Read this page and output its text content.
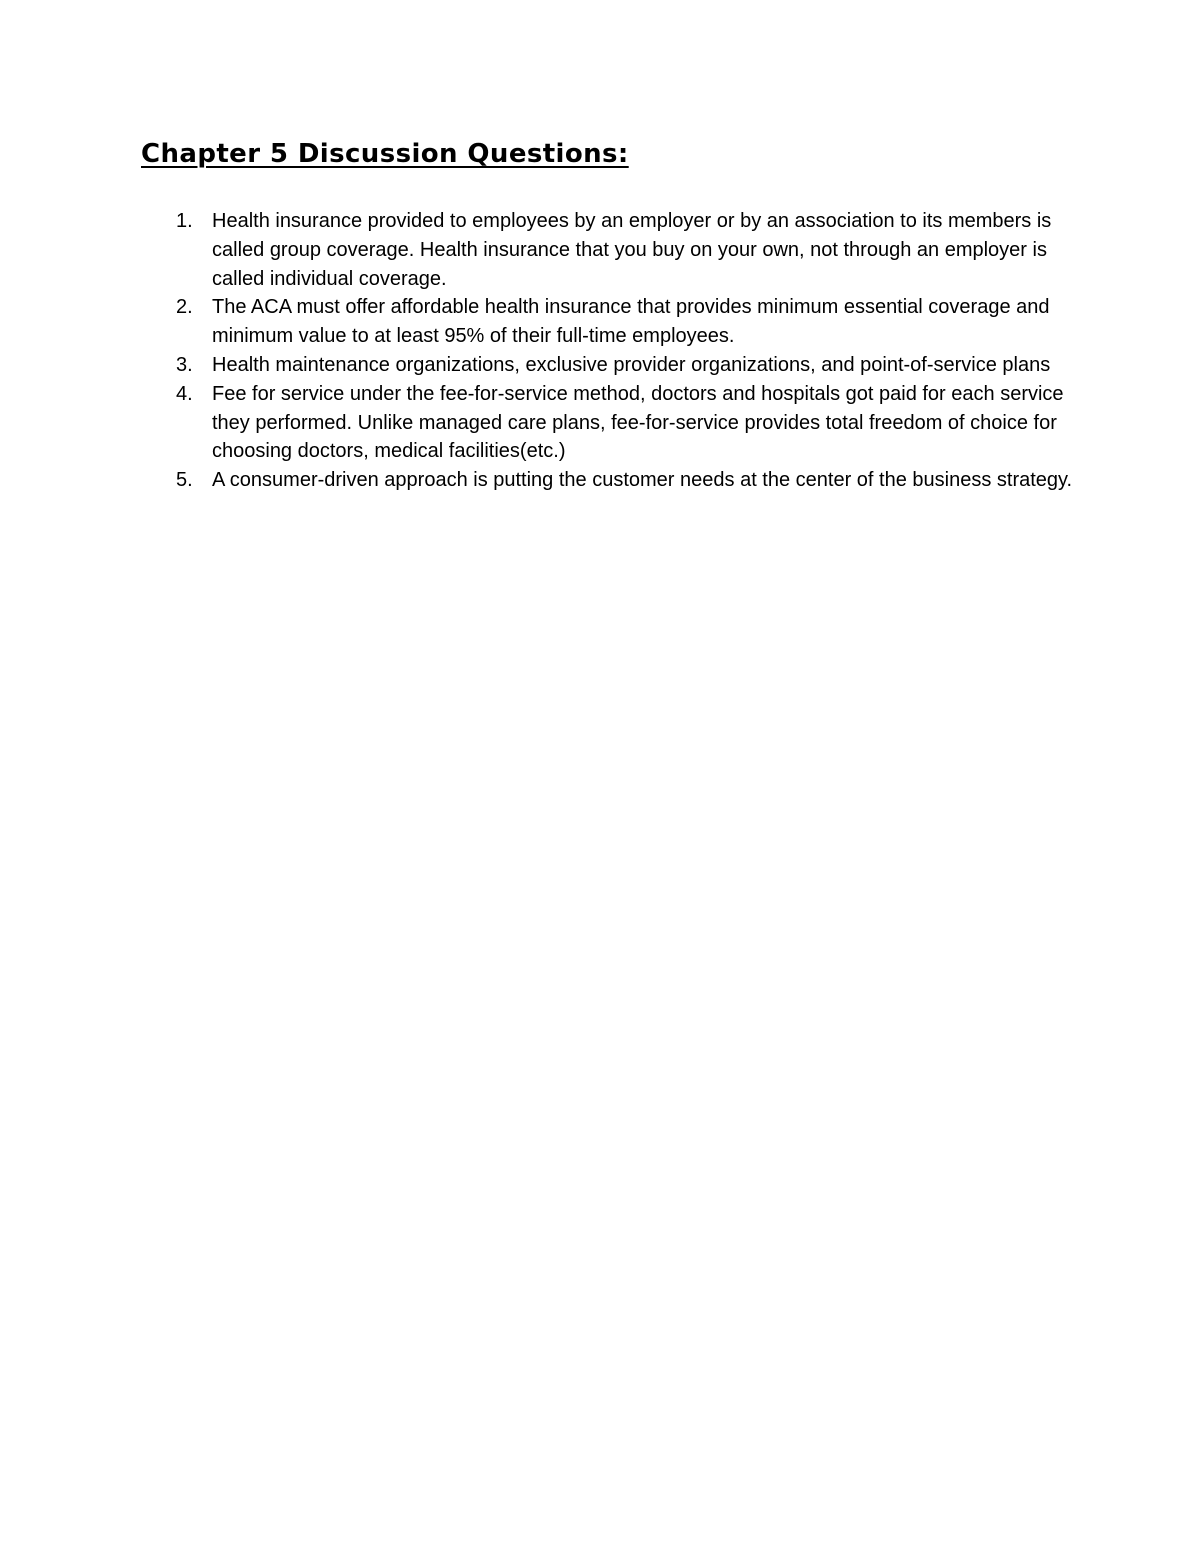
Chapter 5 Discussion Questions:
1. Health insurance provided to employees by an employer or by an association to its members is called group coverage. Health insurance that you buy on your own, not through an employer is called individual coverage.
2. The ACA must offer affordable health insurance that provides minimum essential coverage and minimum value to at least 95% of their full-time employees.
3. Health maintenance organizations, exclusive provider organizations, and point-of-service plans
4. Fee for service under the fee-for-service method, doctors and hospitals got paid for each service they performed. Unlike managed care plans, fee-for-service provides total freedom of choice for choosing doctors, medical facilities(etc.)
5. A consumer-driven approach is putting the customer needs at the center of the business strategy.
